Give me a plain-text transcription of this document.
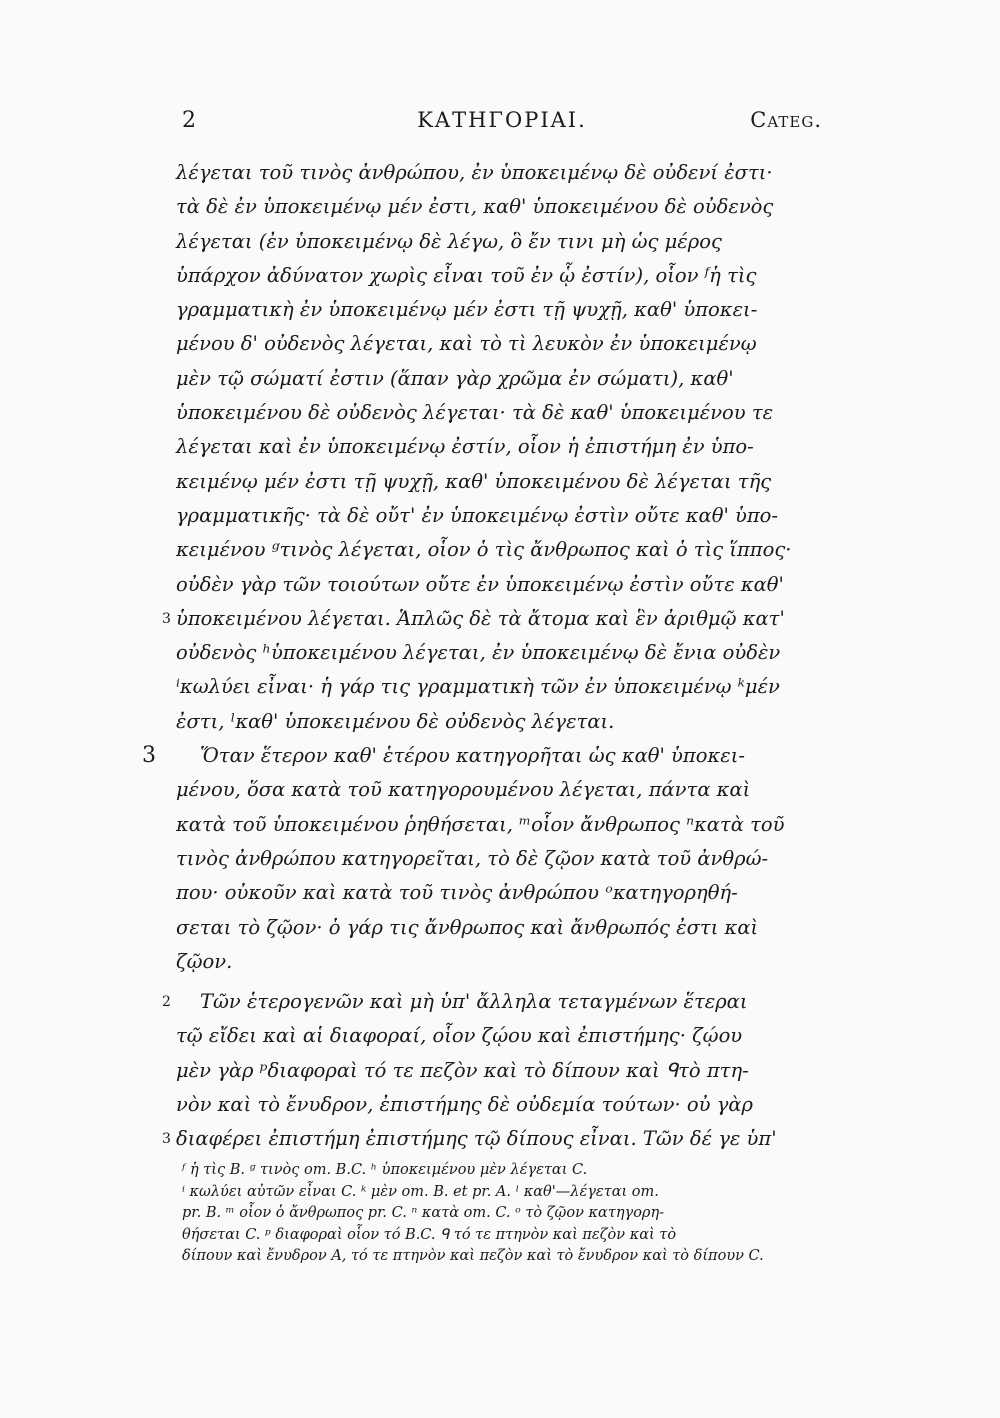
2	ΚΑΤΗΓΟΡΙΑΙ.	Categ.
λέγεται τοῦ τινὸς ἀνθρώπου, ἐν ὑποκειμένῳ δὲ οὐδενί ἐστι·
τὰ δὲ ἐν ὑποκειμένῳ μέν ἐστι, καθ' ὑποκειμένου δὲ οὐδενὸς
λέγεται (ἐν ὑποκειμένῳ δὲ λέγω, ὃ ἔν τινι μὴ ὡς μέρος
ὑπάρχον ἀδύνατον χωρὶς εἶναι τοῦ ἐν ᾧ ἐστίν), οἷον ᶠἡ τὶς
γραμματικὴ ἐν ὑποκειμένῳ μέν ἐστι τῇ ψυχῇ, καθ' ὑποκει-
μένου δ' οὐδενὸς λέγεται, καὶ τὸ τὶ λευκὸν ἐν ὑποκειμένῳ
μὲν τῷ σώματί ἐστιν (ἅπαν γὰρ χρῶμα ἐν σώματι), καθ'
ὑποκειμένου δὲ οὐδενὸς λέγεται· τὰ δὲ καθ' ὑποκειμένου τε
λέγεται καὶ ἐν ὑποκειμένῳ ἐστίν, οἷον ἡ ἐπιστήμη ἐν ὑπο-
κειμένῳ μέν ἐστι τῇ ψυχῇ, καθ' ὑποκειμένου δὲ λέγεται τῆς
γραμματικῆς· τὰ δὲ οὔτ' ἐν ὑποκειμένῳ ἐστὶν οὔτε καθ' ὑπο-
κειμένου ᵍτινὸς λέγεται, οἷον ὁ τὶς ἄνθρωπος καὶ ὁ τὶς ἵππος·
οὐδὲν γὰρ τῶν τοιούτων οὔτε ἐν ὑποκειμένῳ ἐστὶν οὔτε καθ'
3 ὑποκειμένου λέγεται. Ἁπλῶς δὲ τὰ ἄτομα καὶ ἓν ἀριθμῷ κατ'
οὐδενὸς ʰὑποκειμένου λέγεται, ἐν ὑποκειμένῳ δὲ ἔνια οὐδὲν
ⁱκωλύει εἶναι· ἡ γάρ τις γραμματικὴ τῶν ἐν ὑποκειμένῳ ᵏμέν
ἐστι, ˡκαθ' ὑποκειμένου δὲ οὐδενὸς λέγεται.
3 Ὅταν ἕτερον καθ' ἑτέρου κατηγορῆται ὡς καθ' ὑποκει-
μένου, ὅσα κατὰ τοῦ κατηγορουμένου λέγεται, πάντα καὶ
κατὰ τοῦ ὑποκειμένου ῥηθήσεται, ᵐοἷον ἄνθρωπος ⁿκατὰ τοῦ
τινὸς ἀνθρώπου κατηγορεῖται, τὸ δὲ ζῷον κατὰ τοῦ ἀνθρώ-
που· οὐκοῦν καὶ κατὰ τοῦ τινὸς ἀνθρώπου ᵒκατηγορηθή-
σεται τὸ ζῷον· ὁ γάρ τις ἄνθρωπος καὶ ἄνθρωπός ἐστι καὶ
ζῷον.
2 Τῶν ἑτερογενῶν καὶ μὴ ὑπ' ἄλληλα τεταγμένων ἕτεραι
τῷ εἴδει καὶ αἱ διαφοραί, οἷον ζῴου καὶ ἐπιστήμης· ζῴου
μὲν γὰρ ᵖδιαφοραὶ τό τε πεζὸν καὶ τὸ δίπουν καὶ ᑫτὸ πτη-
νὸν καὶ τὸ ἔνυδρον, ἐπιστήμης δὲ οὐδεμία τούτων· οὐ γὰρ
3 διαφέρει ἐπιστήμη ἐπιστήμης τῷ δίπους εἶναι. Τῶν δέ γε ὑπ'
ᶠ ἡ τὶς B. ᵍ τινὸς om. B.C. ʰ ὑποκειμένου μὲν λέγεται C.
ⁱ κωλύει αὐτῶν εἶναι C. ᵏ μὲν om. B. et pr. A. ˡ καθ'—λέγεται om.
pr. B. ᵐ οἷον ὁ ἄνθρωπος pr. C. ⁿ κατὰ om. C. ᵒ τὸ ζῷον κατηγορη-
θήσεται C. ᵖ διαφοραὶ οἷον τό B.C. ᑫ τό τε πτηνὸν καὶ πεζὸν καὶ τὸ
δίπουν καὶ ἔνυδρον A, τό τε πτηνὸν καὶ πεζὸν καὶ τὸ ἔνυδρον καὶ τὸ δίπουν C.
